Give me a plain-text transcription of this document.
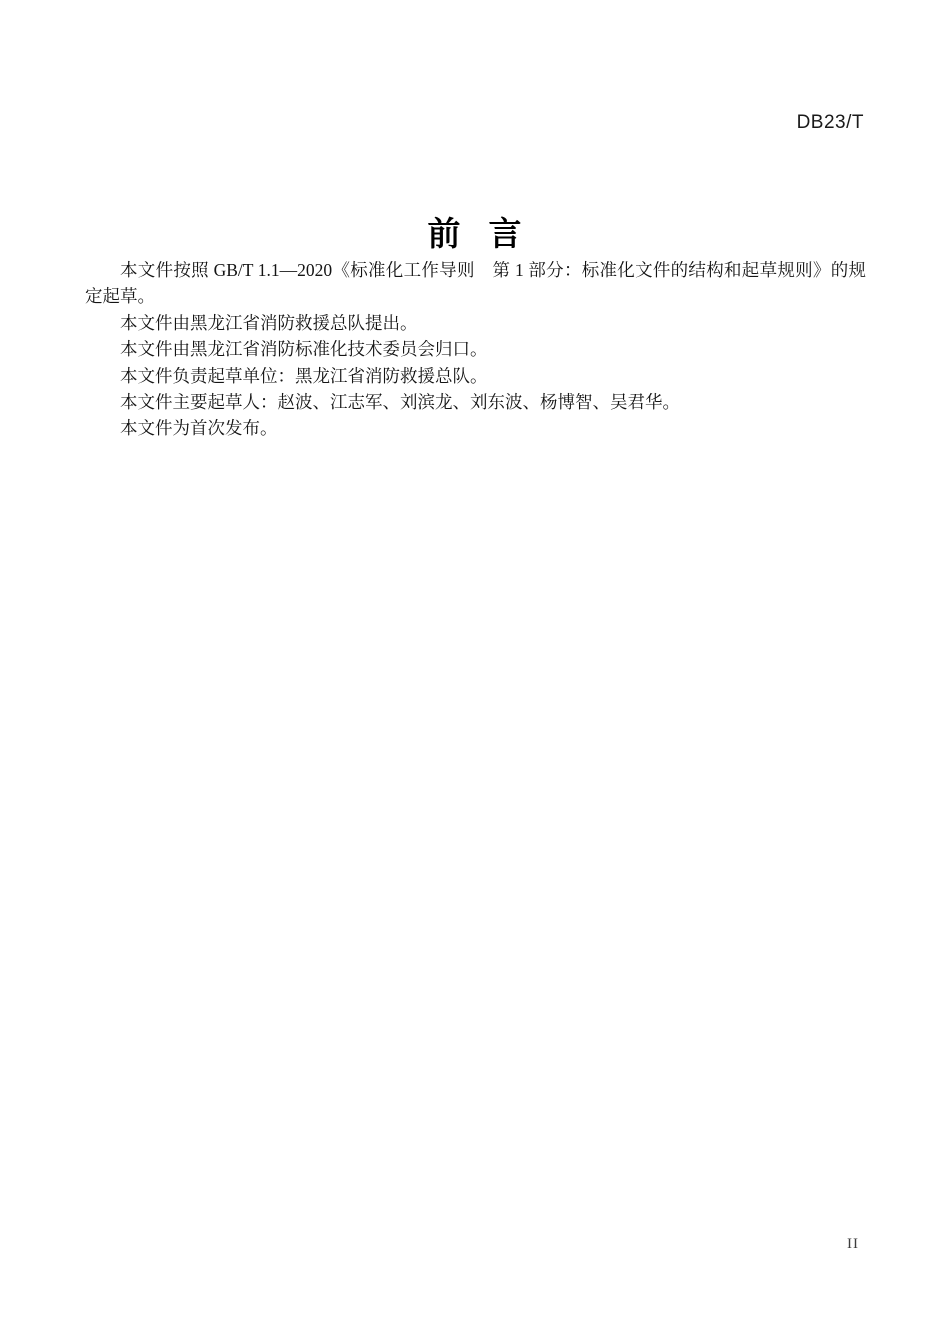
DB23/T
前 言

本文件按照 GB/T 1.1—2020《标准化工作导则　第 1 部分：标准化文件的结构和起草规则》的规定起草。

本文件由黑龙江省消防救援总队提出。

本文件由黑龙江省消防标准化技术委员会归口。

本文件负责起草单位：黑龙江省消防救援总队。

本文件主要起草人：赵波、江志军、刘滨龙、刘东波、杨博智、吴君华。

本文件为首次发布。

II
